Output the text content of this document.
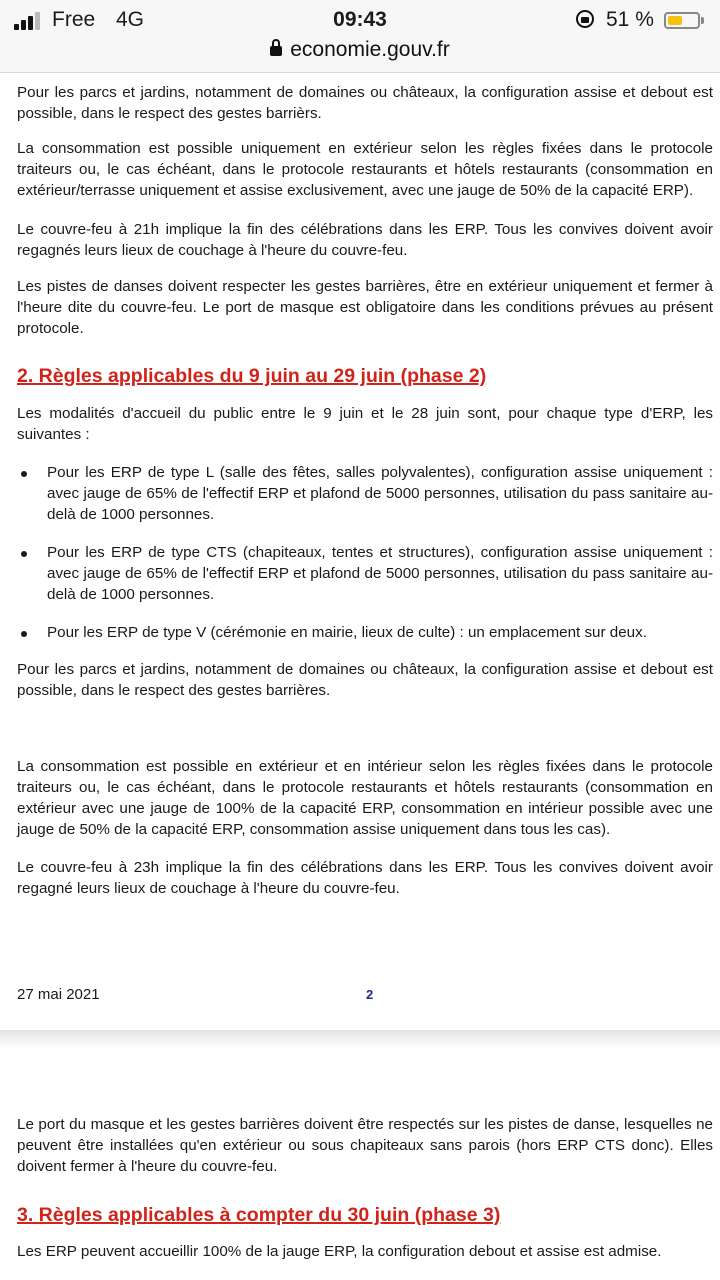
Free 4G	09:43	51 %
economie.gouv.fr

Pour les parcs et jardins, notamment de domaines ou châteaux, la configuration assise et debout est possible, dans le respect des gestes barrièrs.

La consommation est possible uniquement en extérieur selon les règles fixées dans le protocole traiteurs ou, le cas échéant, dans le protocole restaurants et hôtels restaurants (consommation en extérieur/terrasse uniquement et assise exclusivement, avec une jauge de 50% de la capacité ERP).

Le couvre-feu à 21h implique la fin des célébrations dans les ERP. Tous les convives doivent avoir regagnés leurs lieux de couchage à l'heure du couvre-feu.

Les pistes de danses doivent respecter les gestes barrières, être en extérieur uniquement et fermer à l'heure dite du couvre-feu. Le port de masque est obligatoire dans les conditions prévues au présent protocole.

2. Règles applicables du 9 juin au 29 juin (phase 2)

Les modalités d'accueil du public entre le 9 juin et le 28 juin sont, pour chaque type d'ERP, les suivantes :

Pour les ERP de type L (salle des fêtes, salles polyvalentes), configuration assise uniquement : avec jauge de 65% de l'effectif ERP et plafond de 5000 personnes, utilisation du pass sanitaire au-delà de 1000 personnes.
Pour les ERP de type CTS (chapiteaux, tentes et structures), configuration assise uniquement : avec jauge de 65% de l'effectif ERP et plafond de 5000 personnes, utilisation du pass sanitaire au-delà de 1000 personnes.
Pour les ERP de type V (cérémonie en mairie, lieux de culte) : un emplacement sur deux.

Pour les parcs et jardins, notamment de domaines ou châteaux, la configuration assise et debout est possible, dans le respect des gestes barrières.

La consommation est possible en extérieur et en intérieur selon les règles fixées dans le protocole traiteurs ou, le cas échéant, dans le protocole restaurants et hôtels restaurants (consommation en extérieur avec une jauge de 100% de la capacité ERP, consommation en intérieur possible avec une jauge de 50% de la capacité ERP, consommation assise uniquement dans tous les cas).

Le couvre-feu à 23h implique la fin des célébrations dans les ERP. Tous les convives doivent avoir regagné leurs lieux de couchage à l'heure du couvre-feu.

27 mai 2021	2

Le port du masque et les gestes barrières doivent être respectés sur les pistes de danse, lesquelles ne peuvent être installées qu'en extérieur ou sous chapiteaux sans parois (hors ERP CTS donc). Elles doivent fermer à l'heure du couvre-feu.

3. Règles applicables à compter du 30 juin (phase 3)

Les ERP peuvent accueillir 100% de la jauge ERP, la configuration debout et assise est admise.
